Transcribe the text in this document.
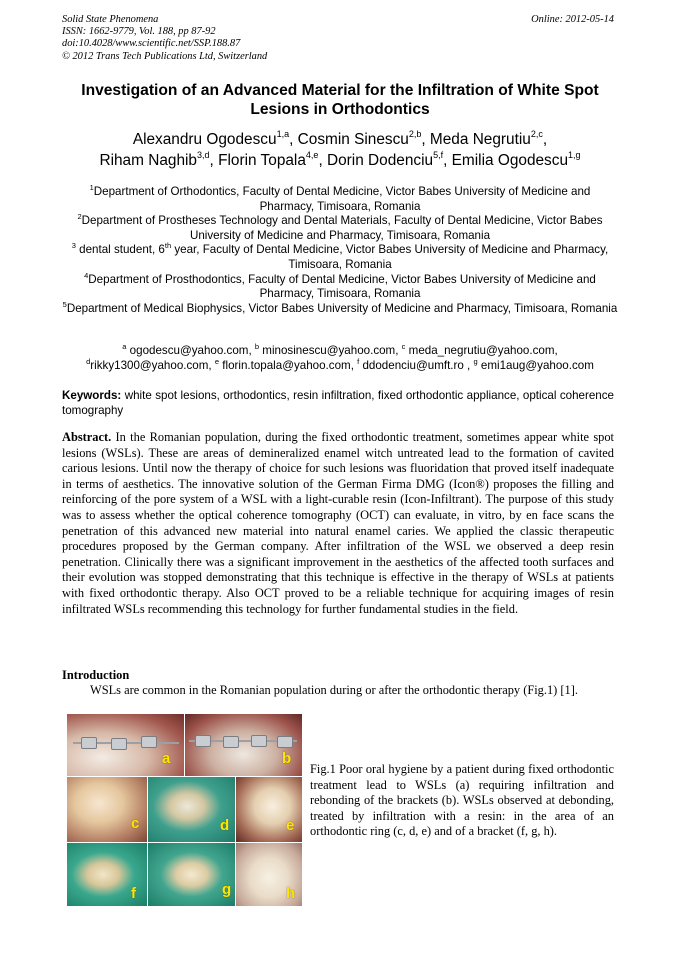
Solid State Phenomena
ISSN: 1662-9779, Vol. 188, pp 87-92
doi:10.4028/www.scientific.net/SSP.188.87
© 2012 Trans Tech Publications Ltd, Switzerland
Online: 2012-05-14
Investigation of an Advanced Material for the Infiltration of White Spot Lesions in Orthodontics
Alexandru Ogodescu$^{1,a}$, Cosmin Sinescu$^{2,b}$, Meda Negrutiu$^{2,c}$,
Riham Naghib$^{3,d}$, Florin Topala$^{4,e}$, Dorin Dodenciu$^{5,f}$, Emilia Ogodescu$^{1,g}$
$^1$Department of Orthodontics, Faculty of Dental Medicine, Victor Babes University of Medicine and Pharmacy, Timisoara, Romania
$^2$Department of Prostheses Technology and Dental Materials, Faculty of Dental Medicine, Victor Babes University of Medicine and Pharmacy, Timisoara, Romania
$^3$ dental student, 6th year, Faculty of Dental Medicine, Victor Babes University of Medicine and Pharmacy, Timisoara, Romania
$^4$Department of Prosthodontics, Faculty of Dental Medicine, Victor Babes University of Medicine and Pharmacy, Timisoara, Romania
$^5$Department of Medical Biophysics, Victor Babes University of Medicine and Pharmacy, Timisoara, Romania
$^a$ ogodescu@yahoo.com, $^b$ minosinescu@yahoo.com, $^c$ meda_negrutiu@yahoo.com,
$^d$rikky1300@yahoo.com, $^e$ florin.topala@yahoo.com, $^f$ ddodenciu@umft.ro , $^g$ emi1aug@yahoo.com
Keywords: white spot lesions, orthodontics, resin infiltration, fixed orthodontic appliance, optical coherence tomography
Abstract. In the Romanian population, during the fixed orthodontic treatment, sometimes appear white spot lesions (WSLs). These are areas of demineralized enamel witch untreated lead to the formation of cavited carious lesions. Until now the therapy of choice for such lesions was fluoridation that proved itself inadequate in terms of aesthetics. The innovative solution of the German Firma DMG (Icon®) proposes the filling and reinforcing of the pore system of a WSL with a light-curable resin (Icon-Infiltrant). The purpose of this study was to assess whether the optical coherence tomography (OCT) can evaluate, in vitro, by en face scans the penetration of this advanced new material into natural enamel caries. We applied the classic therapeutic procedures proposed by the German company. After infiltration of the WSL we observed a deep resin penetration. Clinically there was a significant improvement in the aesthetics of the affected tooth surfaces and their evolution was stopped demonstrating that this technique is effective in the therapy of WSLs at patients with fixed orthodontic therapy. Also OCT proved to be a reliable technique for acquiring images of resin infiltrated WSLs recommending this technology for further fundamental studies in the field.
Introduction
WSLs are common in the Romanian population during or after the orthodontic therapy (Fig.1) [1].
a	b
c	d	e
f	g	h
Fig.1 Poor oral hygiene by a patient during fixed orthodontic treatment lead to WSLs (a) requiring infiltration and rebonding of the brackets (b). WSLs observed at debonding, treated by infiltration with a resin: in the area of an orthodontic ring (c, d, e) and of a bracket (f, g, h).
